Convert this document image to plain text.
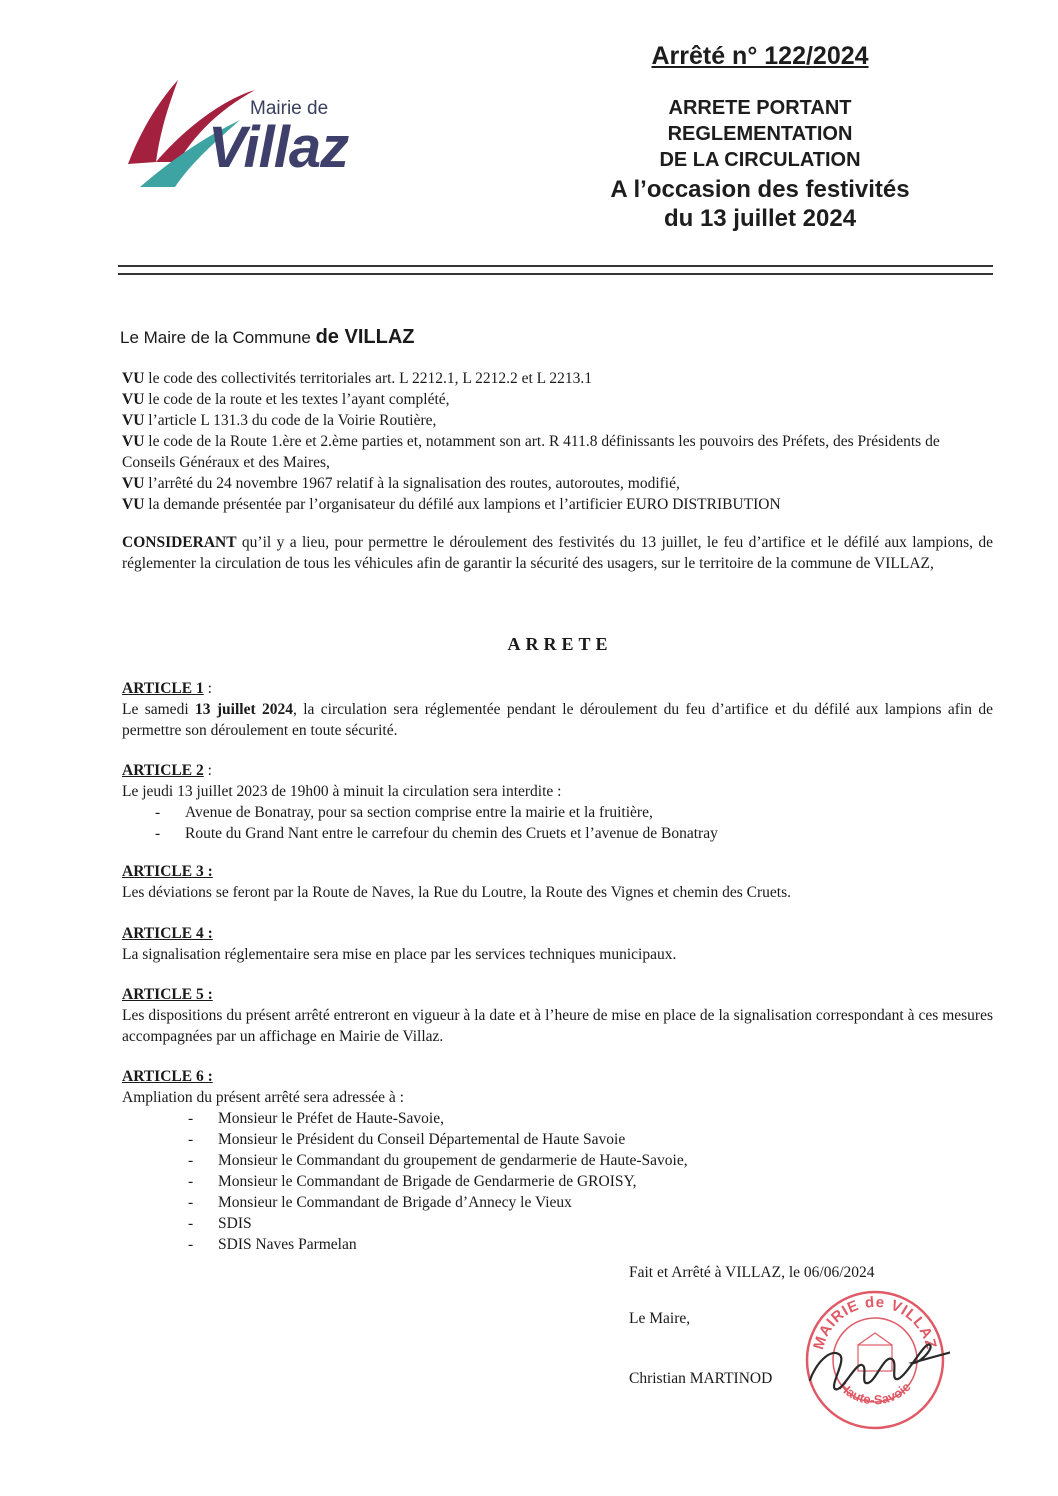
Mairie de
Villaz
Arrêté n° 122/2024
ARRETE PORTANT
REGLEMENTATION
DE LA CIRCULATION
A l’occasion des festivités
du 13 juillet 2024
Le Maire de la Commune de VILLAZ

VU le code des collectivités territoriales art. L 2212.1, L 2212.2 et L 2213.1

VU le code de la route et les textes l’ayant complété,

VU l’article L 131.3 du code de la Voirie Routière,

VU le code de la Route 1.ère et 2.ème parties et, notamment son art. R 411.8 définissants les pouvoirs des Préfets, des Présidents de Conseils Généraux et des Maires,

VU l’arrêté du 24 novembre 1967 relatif à la signalisation des routes, autoroutes, modifié,

VU la demande présentée par l’organisateur du défilé aux lampions et l’artificier EURO DISTRIBUTION

CONSIDERANT qu’il y a lieu, pour permettre le déroulement des festivités du 13 juillet, le feu d’artifice et le défilé aux lampions, de réglementer la circulation de tous les véhicules afin de garantir la sécurité des usagers, sur le territoire de la commune de VILLAZ,

ARRETE

ARTICLE 1 :

Le samedi 13 juillet 2024, la circulation sera réglementée pendant le déroulement du feu d’artifice et du défilé aux lampions afin de permettre son déroulement en toute sécurité.

ARTICLE 2 :

Le jeudi 13 juillet 2023 de 19h00 à minuit la circulation sera interdite :

- Avenue de Bonatray, pour sa section comprise entre la mairie et la fruitière,
- Route du Grand Nant entre le carrefour du chemin des Cruets et l’avenue de Bonatray

ARTICLE 3 :

Les déviations se feront par la Route de Naves, la Rue du Loutre, la Route des Vignes et chemin des Cruets.

ARTICLE 4 :

La signalisation réglementaire sera mise en place par les services techniques municipaux.

ARTICLE 5 :

Les dispositions du présent arrêté entreront en vigueur à la date et à l’heure de mise en place de la signalisation correspondant à ces mesures accompagnées par un affichage en Mairie de Villaz.

ARTICLE 6 :

Ampliation du présent arrêté sera adressée à :

- Monsieur le Préfet de Haute-Savoie,
- Monsieur le Président du Conseil Départemental de Haute Savoie
- Monsieur le Commandant du groupement de gendarmerie de Haute-Savoie,
- Monsieur le Commandant de Brigade de Gendarmerie de GROISY,
- Monsieur le Commandant de Brigade d’Annecy le Vieux
- SDIS
- SDIS Naves Parmelan
Fait et Arrêté à VILLAZ, le 06/06/2024
Le Maire,
Christian MARTINOD
MAIRIE de VILLAZ
Haute-Savoie
